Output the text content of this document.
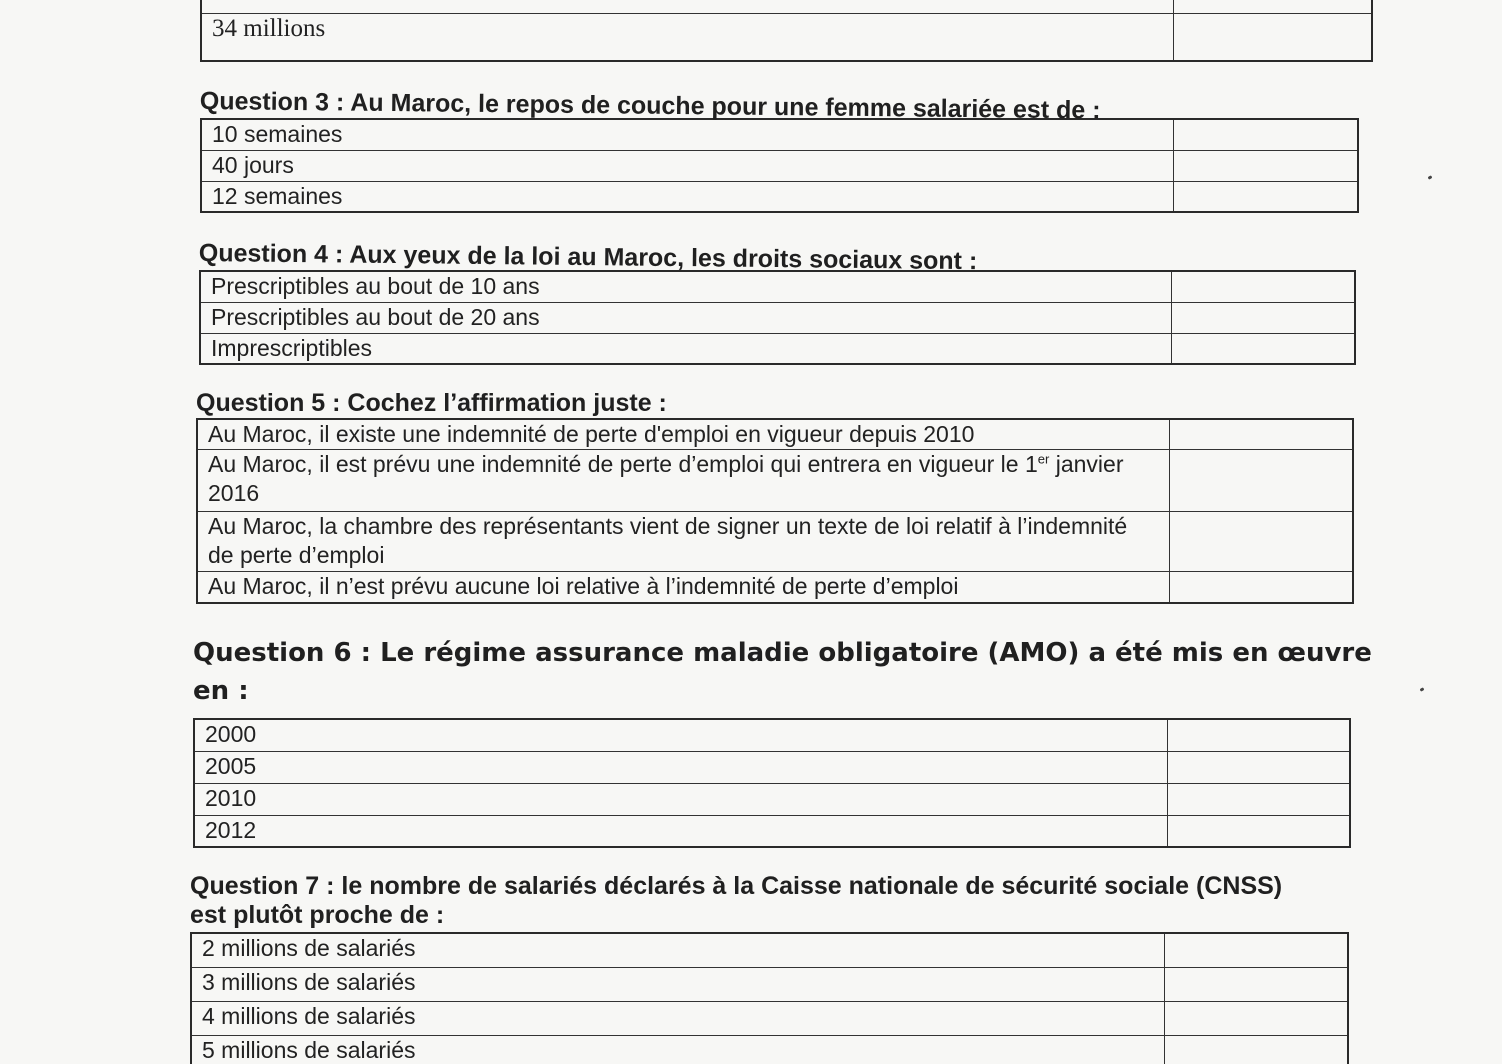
34 millions	

Question 3 : Au Maroc, le repos de couche pour une femme salariée est de :

10 semaines	
40 jours	
12 semaines	

Question 4 : Aux yeux de la loi au Maroc, les droits sociaux sont :

Prescriptibles au bout de 10 ans	
Prescriptibles au bout de 20 ans	
Imprescriptibles	

Question 5 : Cochez l’affirmation juste :

Au Maroc, il existe une indemnité de perte d'emploi en vigueur depuis 2010	
Au Maroc, il est prévu une indemnité de perte d’emploi qui entrera en vigueur le 1er janvier 2016	
Au Maroc, la chambre des représentants vient de signer un texte de loi relatif à l’indemnité de perte d’emploi	
Au Maroc, il n’est prévu aucune loi relative à l’indemnité de perte d’emploi	

Question 6 : Le régime assurance maladie obligatoire (AMO) a été mis en œuvre en :

2000	
2005	
2010	
2012	

Question 7 : le nombre de salariés déclarés à la Caisse nationale de sécurité sociale (CNSS) est plutôt proche de :

2 millions de salariés	
3 millions de salariés	
4 millions de salariés	
5 millions de salariés	
